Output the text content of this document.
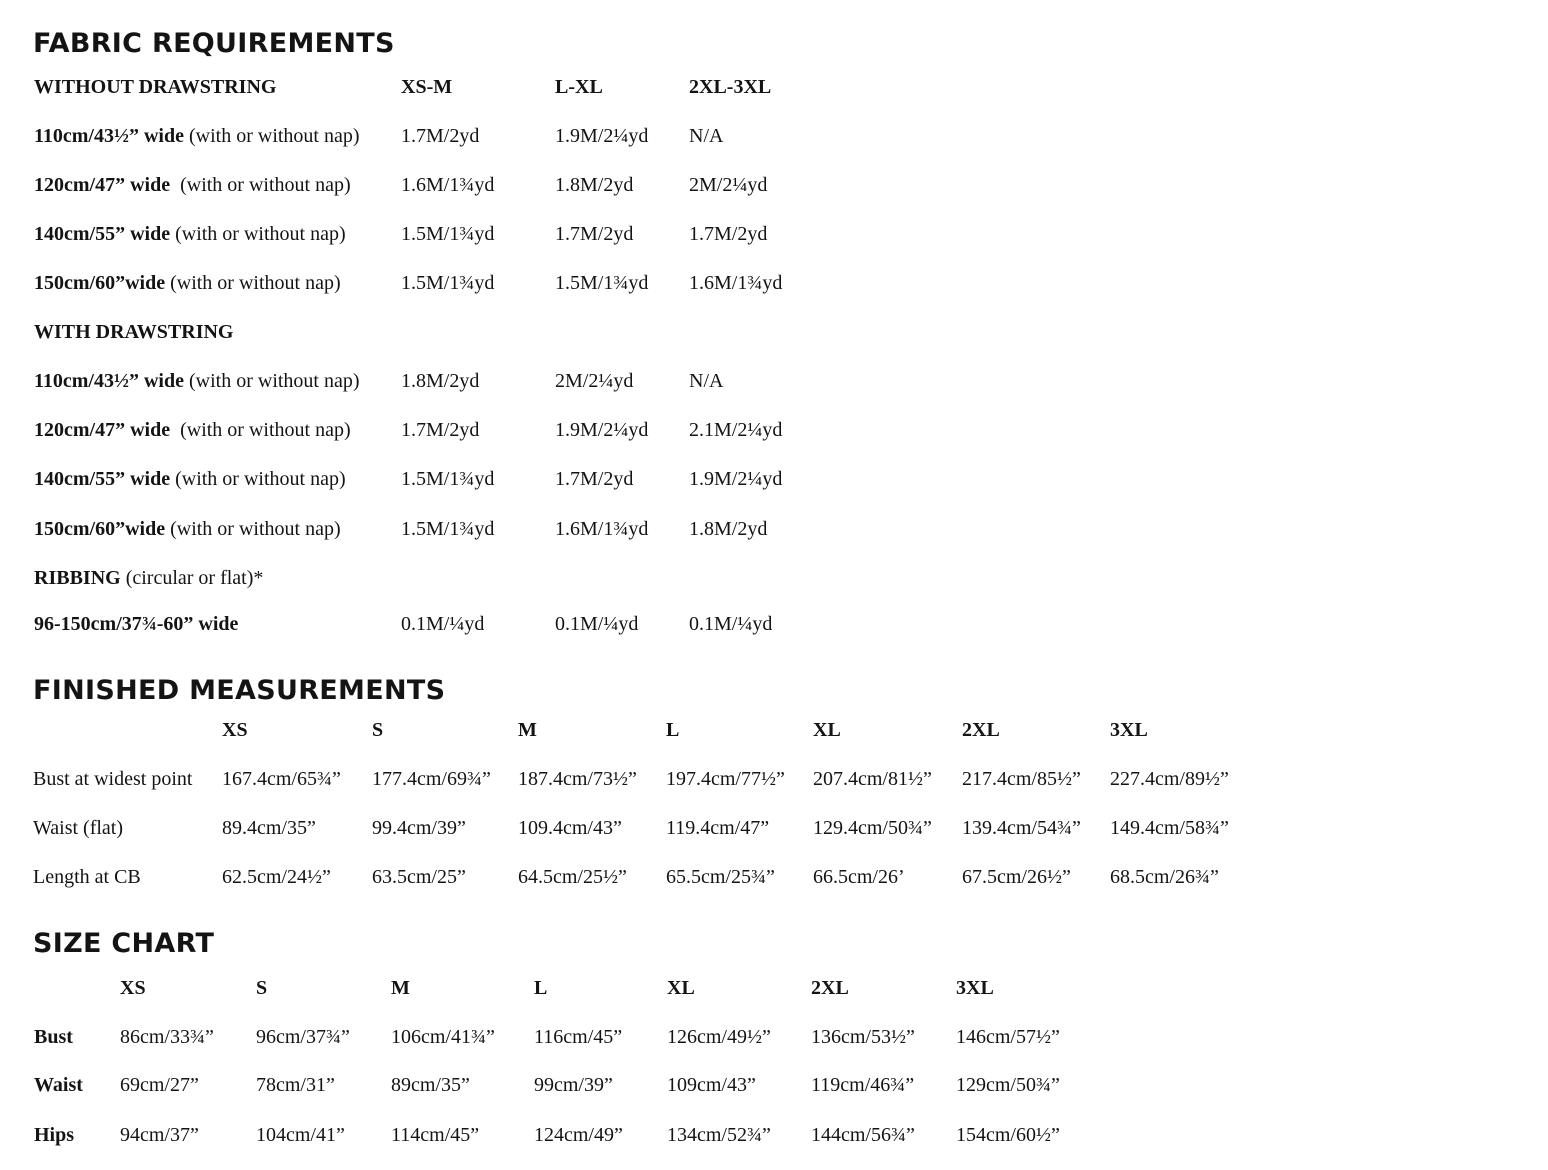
FABRIC REQUIREMENTS
WITHOUT DRAWSTRING	XS-M	L-XL	2XL-3XL
110cm/43½” wide (with or without nap) 1.7M/2yd	1.9M/2¼yd N/A
120cm/47” wide  (with or without nap)	1.6M/1¾yd	1.8M/2yd	2M/2¼yd
140cm/55” wide (with or without nap)	1.5M/1¾yd	1.7M/2yd	1.7M/2yd
150cm/60”wide (with or without nap)	1.5M/1¾yd	1.5M/1¾yd 1.6M/1¾yd
WITH DRAWSTRING
110cm/43½” wide (with or without nap) 1.8M/2yd	2M/2¼yd	N/A
120cm/47” wide  (with or without nap)	1.7M/2yd	1.9M/2¼yd 2.1M/2¼yd
140cm/55” wide (with or without nap)	1.5M/1¾yd	1.7M/2yd	1.9M/2¼yd
150cm/60”wide (with or without nap)	1.5M/1¾yd	1.6M/1¾yd 1.8M/2yd
RIBBING (circular or flat)*
96-150cm/37¾-60” wide	0.1M/¼yd	0.1M/¼yd	0.1M/¼yd
FINISHED MEASUREMENTS
XS	S	M	L	XL	2XL	3XL
Bust at widest point 167.4cm/65¾” 177.4cm/69¾” 187.4cm/73½” 197.4cm/77½” 207.4cm/81½” 217.4cm/85½” 227.4cm/89½”
Waist (flat)	89.4cm/35”	99.4cm/39”	109.4cm/43” 119.4cm/47” 129.4cm/50¾” 139.4cm/54¾” 149.4cm/58¾”
Length at CB	62.5cm/24½” 63.5cm/25”	64.5cm/25½” 65.5cm/25¾” 66.5cm/26’	67.5cm/26½” 68.5cm/26¾”
SIZE CHART
XS	S	M	L	XL	2XL	3XL
Bust 86cm/33¾” 96cm/37¾” 106cm/41¾” 116cm/45” 126cm/49½” 136cm/53½” 146cm/57½”
Waist 69cm/27”	78cm/31”	89cm/35”	99cm/39”	109cm/43”	119cm/46¾” 129cm/50¾”
Hips 94cm/37”	104cm/41” 114cm/45”	124cm/49” 134cm/52¾” 144cm/56¾” 154cm/60½”
